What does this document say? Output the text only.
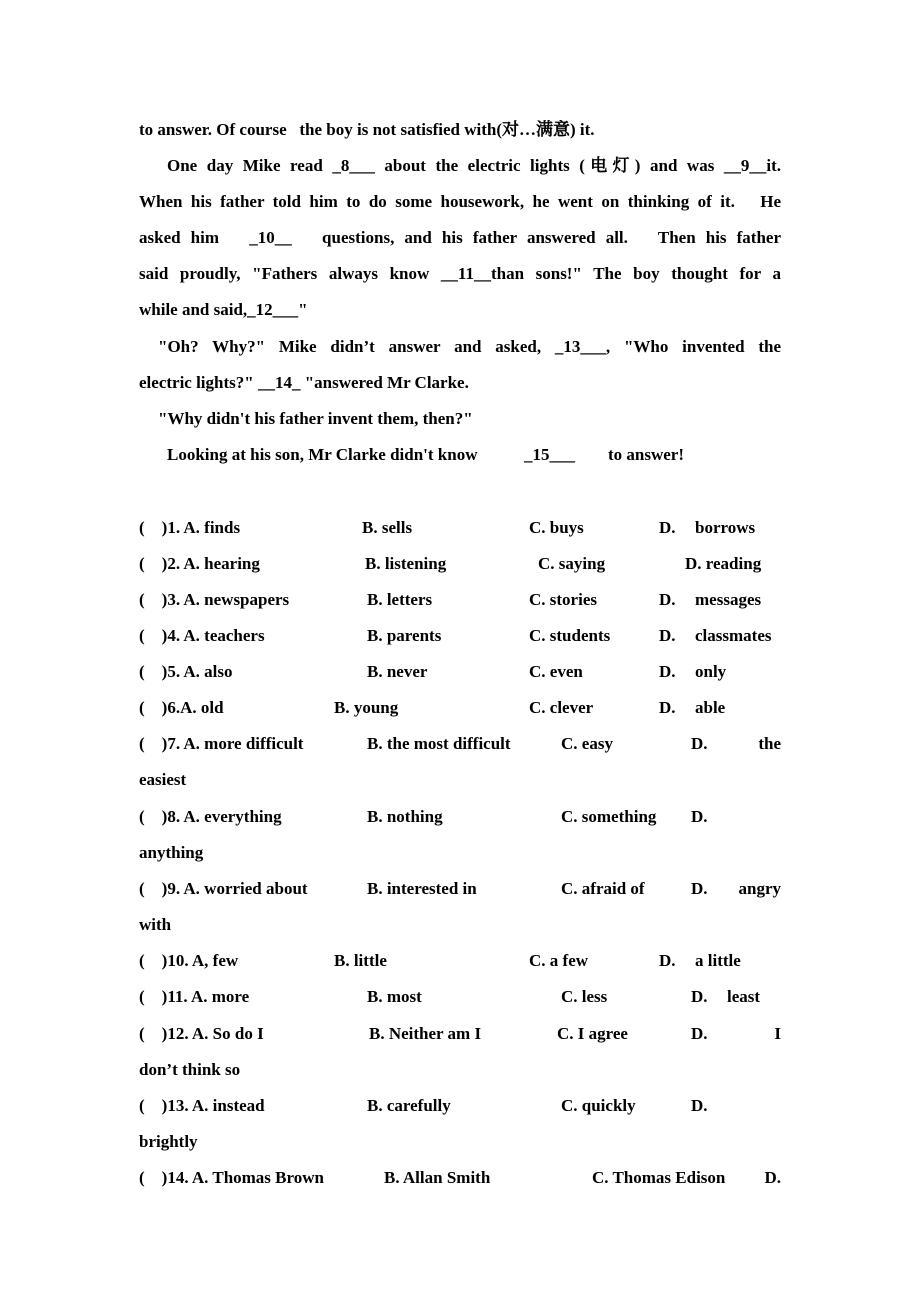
to answer. Of course   the boy is not satisfied with(对…满意) it.
One day Mike read _8___ about the electric lights (电灯) and was __9__it.
When his father told him to do some housework, he went on thinking of it.   He
asked him   _10__   questions, and his father answered all.   Then his father
said proudly, "Fathers always know __11__than sons!" The boy thought for a
while and said,_12___"
"Oh? Why?" Mike didn’t answer and asked, _13___, "Who invented the
electric lights?" __14_ "answered Mr Clarke.
"Why didn't his father invent them, then?"
Looking at his son, Mr Clarke didn't know	_15___ to answer!
(    )1. A. finds	B. sells	C. buys	D. borrows
(    )2. A. hearing	B. listening	C. saying	D. reading
(    )3. A. newspapers	B. letters	C. stories	D. messages
(    )4. A. teachers	B. parents	C. students	D. classmates
(    )5. A. also	B. never	C. even	D. only
(    )6.A. old	B. young	C. clever	D. able
(    )7. A. more difficult	B. the most difficult	C. easy	D.	the
easiest
(    )8. A. everything	B. nothing	C. something D.
anything
(    )9. A. worried about	B. interested in	C. afraid of	D. angry
with
(    )10. A, few	B. little	C. a few	D. a little
(    )11. A. more	B. most	C. less	D. least
(    )12. A. So do I	B. Neither am I	C. I agree	D.	I
don’t think so
(    )13. A. instead	B. carefully	C. quickly	D.
brightly
(    )14. A. Thomas Brown	B. Allan Smith	C. Thomas Edison D.
